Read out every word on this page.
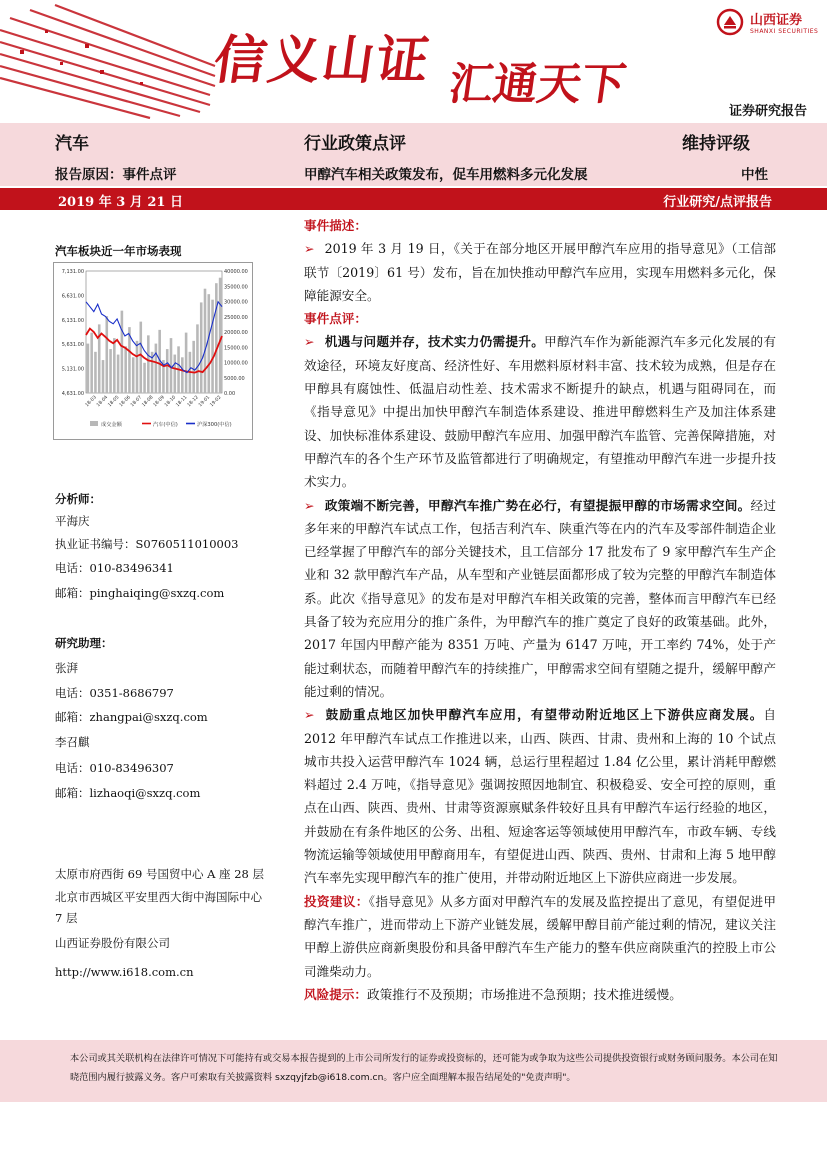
信义山证 汇通天下
山西证券
SHANXI SECURITIES
证券研究报告
汽车	行业政策点评	维持评级
报告原因：事件点评	甲醇汽车相关政策发布，促车用燃料多元化发展	中性
2019 年 3 月 21 日	行业研究/点评报告
汽车板块近一年市场表现
7,131.00
6,631.00
6,131.00
5,631.00
5,131.00
4,631.00
40000.00
35000.00
30000.00
25000.00
20000.00
15000.00
10000.00
5000.00
0.00
18-03
18-04
18-05
18-06
18-07
18-08
18-09
18-10
18-11
18-12
19-01
19-02
成交金额	汽车(中信)	沪深300(中信)
分析师：
平海庆
执业证书编号：S0760511010003
电话：010-83496341
邮箱：pinghaiqing@sxzq.com
研究助理：
张湃
电话：0351-8686797
邮箱：zhangpai@sxzq.com
李召麒
电话：010-83496307
邮箱：lizhaoqi@sxzq.com
太原市府西街 69 号国贸中心 A 座 28 层
北京市西城区平安里西大街中海国际中心 7 层
山西证券股份有限公司
http://www.i618.com.cn
事件描述：
➢ 2019 年 3 月 19 日，《关于在部分地区开展甲醇汽车应用的指导意见》（工信部联节〔2019〕61 号）发布，旨在加快推动甲醇汽车应用，实现车用燃料多元化，保障能源安全。
事件点评：
➢ 机遇与问题并存，技术实力仍需提升。甲醇汽车作为新能源汽车多元化发展的有效途径，环境友好度高、经济性好、车用燃料原材料丰富、技术较为成熟，但是存在甲醇具有腐蚀性、低温启动性差、技术需求不断提升的缺点，机遇与阻碍同在，而《指导意见》中提出加快甲醇汽车制造体系建设、推进甲醇燃料生产及加注体系建设、加快标准体系建设、鼓励甲醇汽车应用、加强甲醇汽车监管、完善保障措施，对甲醇汽车的各个生产环节及监管都进行了明确规定，有望推动甲醇汽车进一步提升技术实力。
➢ 政策端不断完善，甲醇汽车推广势在必行，有望提振甲醇的市场需求空间。经过多年来的甲醇汽车试点工作，包括吉利汽车、陕重汽等在内的汽车及零部件制造企业已经掌握了甲醇汽车的部分关键技术，且工信部分 17 批发布了 9 家甲醇汽车生产企业和 32 款甲醇汽车产品，从车型和产业链层面都形成了较为完整的甲醇汽车制造体系。此次《指导意见》的发布是对甲醇汽车相关政策的完善，整体而言甲醇汽车已经具备了较为充应用分的推广条件，为甲醇汽车的推广奠定了良好的政策基础。此外，2017 年国内甲醇产能为 8351 万吨、产量为 6147 万吨，开工率约 74%，处于产能过剩状态，而随着甲醇汽车的持续推广，甲醇需求空间有望随之提升，缓解甲醇产能过剩的情况。
➢ 鼓励重点地区加快甲醇汽车应用，有望带动附近地区上下游供应商发展。自 2012 年甲醇汽车试点工作推进以来，山西、陕西、甘肃、贵州和上海的 10 个试点城市共投入运营甲醇汽车 1024 辆，总运行里程超过 1.84 亿公里，累计消耗甲醇燃料超过 2.4 万吨，《指导意见》强调按照因地制宜、积极稳妥、安全可控的原则，重点在山西、陕西、贵州、甘肃等资源禀赋条件较好且具有甲醇汽车运行经验的地区，并鼓励在有条件地区的公务、出租、短途客运等领域使用甲醇汽车，市政车辆、专线物流运输等领域使用甲醇商用车，有望促进山西、陕西、贵州、甘肃和上海 5 地甲醇汽车率先实现甲醇汽车的推广使用，并带动附近地区上下游供应商进一步发展。
投资建议：《指导意见》从多方面对甲醇汽车的发展及监控提出了意见，有望促进甲醇汽车推广，进而带动上下游产业链发展，缓解甲醇目前产能过剩的情况，建议关注甲醇上游供应商新奥股份和具备甲醇汽车生产能力的整车供应商陕重汽的控股上市公司潍柴动力。
风险提示：政策推行不及预期；市场推进不急预期；技术推进缓慢。
本公司或其关联机构在法律许可情况下可能持有或交易本报告提到的上市公司所发行的证券或投资标的，还可能为或争取为这些公司提供投资银行或财务顾问服务。本公司在知晓范围内履行披露义务。客户可索取有关披露资料 sxzqyjfzb@i618.com.cn。客户应全面理解本报告结尾处的"免责声明"。
